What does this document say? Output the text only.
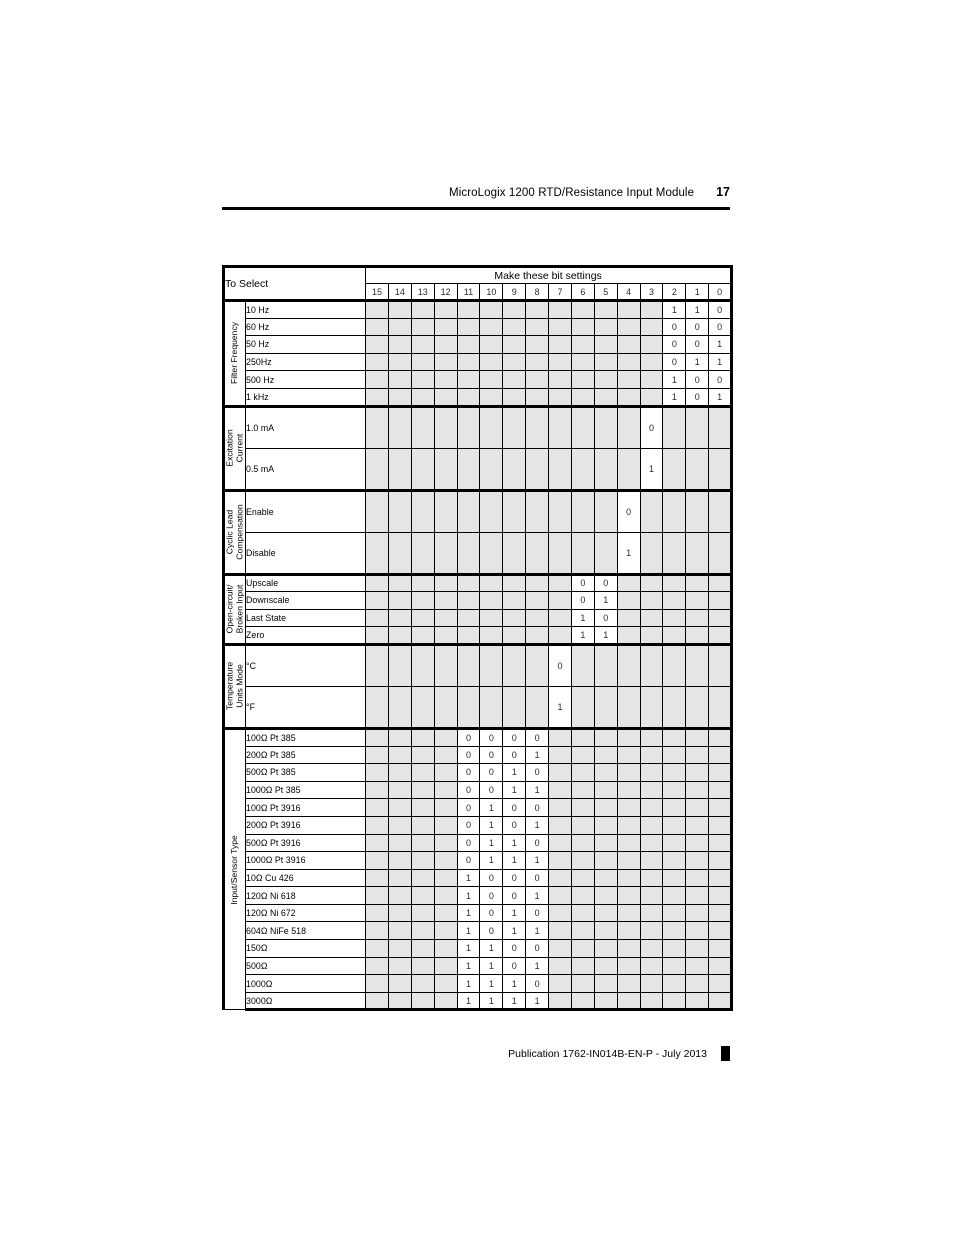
MicroLogix 1200 RTD/Resistance Input Module 17
To Select		Make these bit settings															
		15	14	13	12	11	10	9	8	7	6	5	4	3	2	1	0

Filter Frequency	10 Hz														1	1	0
	60 Hz														0	0	0
	50 Hz														0	0	1
	250Hz														0	1	1
	500 Hz														1	0	0
	1 kHz														1	0	1

Excitation
Current	1.0 mA													0			
	0.5 mA													1			

Cyclic Lead
Compensation	Enable												0				
	Disable												1				

Open-circuit/
Broken Input	Upscale										0	0					
	Downscale										0	1					
	Last State										1	0					
	Zero										1	1					

Temperature
Units Mode	°C									0							
	°F									1							

Input/Sensor Type	100Ω Pt 385					0	0	0	0								
	200Ω Pt 385					0	0	0	1								
	500Ω Pt 385					0	0	1	0								
	1000Ω Pt 385					0	0	1	1								
	100Ω Pt 3916					0	1	0	0								
	200Ω Pt 3916					0	1	0	1								
	500Ω Pt 3916					0	1	1	0								
	1000Ω Pt 3916					0	1	1	1								
	10Ω Cu 426					1	0	0	0								
	120Ω Ni 618					1	0	0	1								
	120Ω Ni 672					1	0	1	0								
	604Ω NiFe 518					1	0	1	1								
	150Ω					1	1	0	0								
	500Ω					1	1	0	1								
	1000Ω					1	1	1	0								
	3000Ω					1	1	1	1								
Publication 1762-IN014B-EN-P - July 2013
